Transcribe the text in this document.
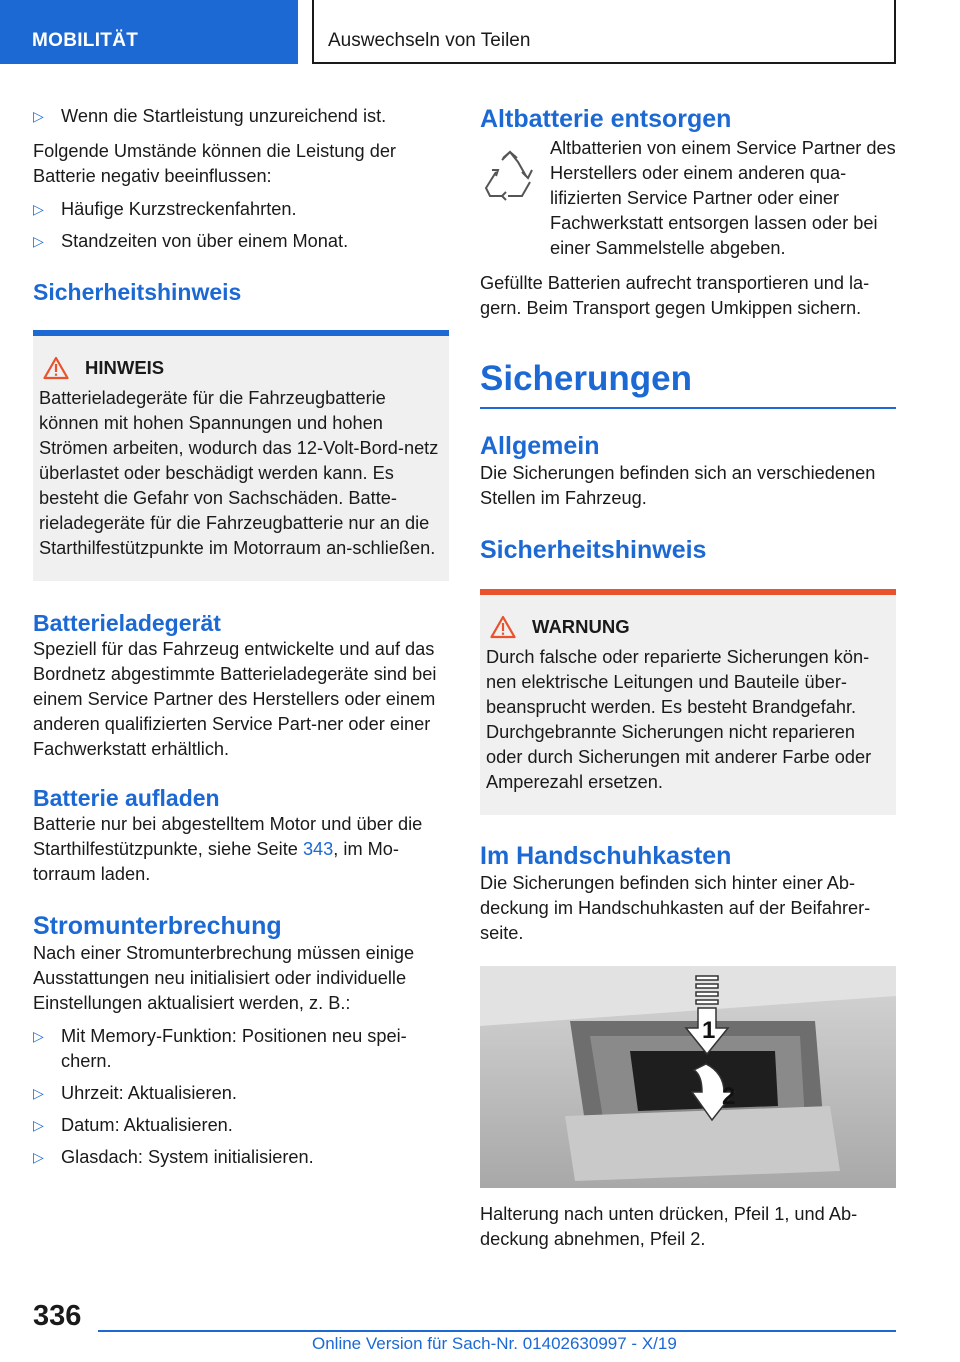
MOBILITÄT	Auswechseln von Teilen
▷ Wenn die Startleistung unzureichend ist.

Folgende Umstände können die Leistung der Batterie negativ beeinflussen:

▷ Häufige Kurzstreckenfahrten.
▷ Standzeiten von über einem Monat.
Sicherheitshinweis
HINWEIS

Batterieladegeräte für die Fahrzeugbatterie können mit hohen Spannungen und hohen Strömen arbeiten, wodurch das 12-Volt-Bord-netz überlastet oder beschädigt werden kann. Es besteht die Gefahr von Sachschäden. Batte-rieladegeräte für die Fahrzeugbatterie nur an die Starthilfestützpunkte im Motorraum an-schließen.

Batterieladegerät

Speziell für das Fahrzeug entwickelte und auf das Bordnetz abgestimmte Batterieladegeräte sind bei einem Service Partner des Herstellers oder einem anderen qualifizierten Service Part-ner oder einer Fachwerkstatt erhältlich.

Batterie aufladen

Batterie nur bei abgestelltem Motor und über die Starthilfestützpunkte, siehe Seite 343, im Mo-torraum laden.

Stromunterbrechung

Nach einer Stromunterbrechung müssen einige Ausstattungen neu initialisiert oder individuelle Einstellungen aktualisiert werden, z. B.:

▷ Mit Memory-Funktion: Positionen neu spei-chern.
▷ Uhrzeit: Aktualisieren.
▷ Datum: Aktualisieren.
▷ Glasdach: System initialisieren.
Altbatterie entsorgen

Altbatterien von einem Service Partner des Herstellers oder einem anderen qua-lifizierten Service Partner oder einer Fachwerkstatt entsorgen lassen oder bei einer Sammelstelle abgeben.

Gefüllte Batterien aufrecht transportieren und la-gern. Beim Transport gegen Umkippen sichern.

Sicherungen
Allgemein

Die Sicherungen befinden sich an verschiedenen Stellen im Fahrzeug.

Sicherheitshinweis
WARNUNG

Durch falsche oder reparierte Sicherungen kön-nen elektrische Leitungen und Bauteile über-beansprucht werden. Es besteht Brandgefahr. Durchgebrannte Sicherungen nicht reparieren oder durch Sicherungen mit anderer Farbe oder Amperezahl ersetzen.

Im Handschuhkasten

Die Sicherungen befinden sich hinter einer Ab-deckung im Handschuhkasten auf der Beifahrer-seite.

1
2

Halterung nach unten drücken, Pfeil 1, und Ab-deckung abnehmen, Pfeil 2.

336
Online Version für Sach-Nr. 01402630997 - X/19
